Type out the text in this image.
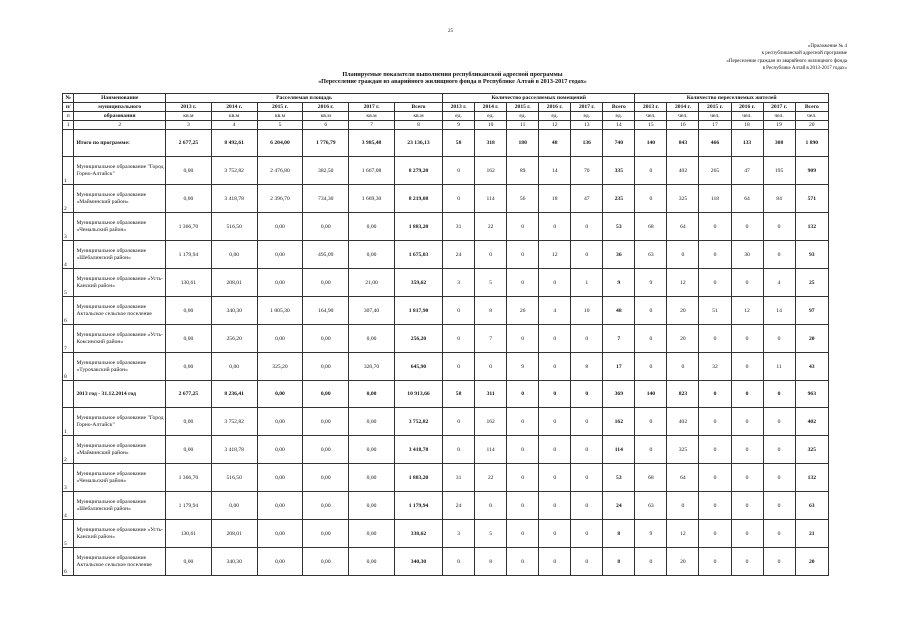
25
«Приложение № 4
к республиканской адресной программе
«Переселение граждан из аварийного жилищного фонда
в Республике Алтай в 2013-2017 годах»
Планируемые показатели выполнения республиканской адресной программы
«Переселение граждан из аварийного жилищного фонда в Республике Алтай в 2013-2017 годах»
№	Наименование	Расселяемая площадь						Количество расселяемых помещений						Количество переселяемых жителей					
п/	муниципального	2013 г.	2014 г.	2015 г.	2016 г.	2017 г.	Всего	2013 г.	2014 г.	2015 г.	2016 г.	2017 г.	Всего	2013 г.	2014 г.	2015 г.	2016 г.	2017 г.	Всего
п	образования	кв.м	кв.м	кв.м	кв.м	кв.м	кв.м	ед.	ед.	ед.	ед.	ед.	ед.	чел.	чел.	чел.	чел.	чел.	чел.
1	2	3	4	5	6	7	8	9	10	11	12	13	14	15	16	17	18	19	20
	Итого по программе:	2 677,25	8 492,61	6 204,00	1 776,79	3 985,48	23 136,13	58	318	180	48	136	740	140	843	466	133	308	1 890
1	Муниципальное образование "Город Горно-Алтайск"	0,00	3 752,82	2 476,80	382,50	1 667,08	8 279,20	0	162	89	14	70	335	0	402	265	47	195	909
2	Муниципальное образование «Майминский район»	0,00	3 418,78	2 396,70	734,30	1 669,30	8 219,08	0	114	56	18	47	235	0	325	118	64	84	571
3	Муниципальное образование «Чемальский район»	1 366,70	516,50	0,00	0,00	0,00	1 883,20	31	22	0	0	0	53	68	64	0	0	0	132
4	Муниципальное образование «Шебалинский район»	1 179,94	0,00	0,00	495,09	0,00	1 675,03	24	0	0	12	0	36	63	0	0	30	0	93
5	Муниципальное образование «Усть-Канский район»	130,61	208,01	0,00	0,00	21,00	359,62	3	5	0	0	1	9	9	12	0	0	4	25
6	Муниципальное образование Актальское сельское поселение	0,00	340,30	1 005,30	164,90	307,40	1 817,90	0	8	26	4	10	48	0	20	51	12	14	97
7	Муниципальное образование «Усть-Коксинский район»	0,00	256,20	0,00	0,00	0,00	256,20	0	7	0	0	0	7	0	20	0	0	0	20
8	Муниципальное образование «Турочакский район»	0,00	0,00	325,20	0,00	320,70	645,90	0	0	9	0	8	17	0	0	32	0	11	43
	2013 год - 31.12.2014 год	2 677,25	8 236,41	0,00	0,00	0,00	10 913,66	58	311	0	0	0	369	140	823	0	0	0	963
1	Муниципальное образование "Город Горно-Алтайск"	0,00	3 752,82	0,00	0,00	0,00	3 752,82	0	162	0	0	0	162	0	402	0	0	0	402
2	Муниципальное образование «Майминский район»	0,00	3 418,78	0,00	0,00	0,00	3 418,78	0	114	0	0	0	114	0	325	0	0	0	325
3	Муниципальное образование «Чемальский район»	1 366,70	516,50	0,00	0,00	0,00	1 883,20	31	22	0	0	0	53	68	64	0	0	0	132
4	Муниципальное образование «Шебалинский район»	1 179,94	0,00	0,00	0,00	0,00	1 179,94	24	0	0	0	0	24	63	0	0	0	0	63
5	Муниципальное образование «Усть-Канский район»	130,61	208,01	0,00	0,00	0,00	338,62	3	5	0	0	0	8	9	12	0	0	0	21
6	Муниципальное образование Актальское сельское поселение	0,00	340,30	0,00	0,00	0,00	340,30	0	8	0	0	0	8	0	20	0	0	0	20
